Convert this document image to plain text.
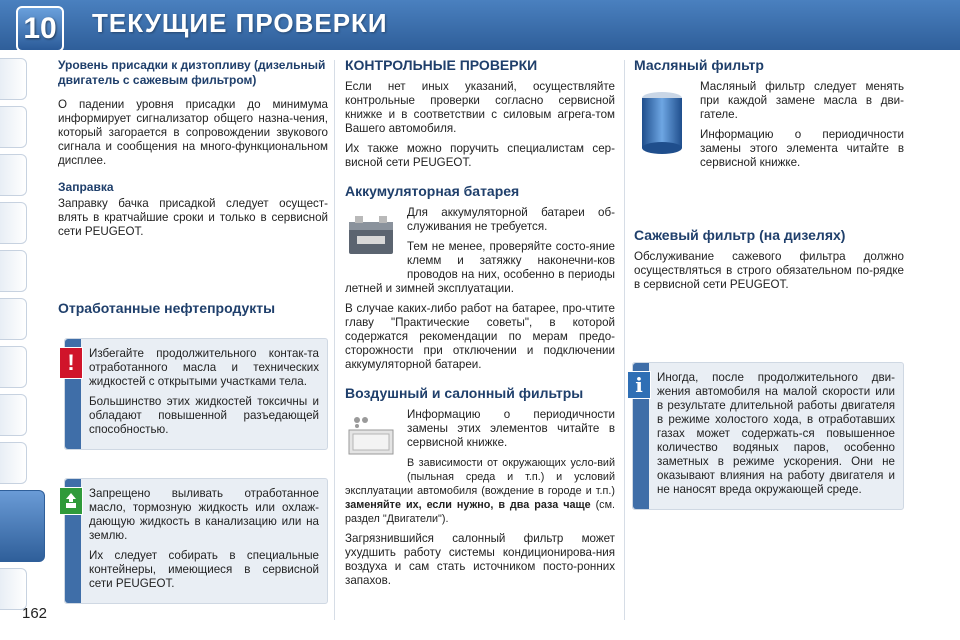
10 ТЕКУЩИЕ ПРОВЕРКИ
162
Уровень присадки к дизтопливу (дизельный двигатель с сажевым фильтром)

О падении уровня присадки до минимума информирует сигнализатор общего назна-чения, который загорается в сопровождении звукового сигнала и сообщения на много-функциональном дисплее.

Заправка

Заправку бачка присадкой следует осущест-влять в кратчайшие сроки и только в сервисной сети PEUGEOT.

Отработанные нефтепродукты
!	Избегайте продолжительного контак-та отработанного масла и технических жидкостей с открытыми участками тела.

Большинство этих жидкостей токсичны и обладают повышенной разъедающей способностью.

Запрещено выливать отработанное масло, тормозную жидкость или охлаж-дающую жидкость в канализацию или на землю.

Их следует собирать в специальные контейнеры, имеющиеся в сервисной сети PEUGEOT.

КОНТРОЛЬНЫЕ ПРОВЕРКИ

Если нет иных указаний, осуществляйте контрольные проверки согласно сервисной книжке и в соответствии с силовым агрега-том Вашего автомобиля.

Их также можно поручить специалистам сер-висной сети PEUGEOT.

Аккумуляторная батарея

Для аккумуляторной батареи об-служивания не требуется.

Тем не менее, проверяйте состо-яние клемм и затяжку наконечни-ков проводов на них, особенно в периоды летней и зимней эксплуатации.

В случае каких-либо работ на батарее, про-чтите главу "Практические советы", в которой содержатся рекомендации по мерам предо-сторожности при отключении и подключении аккумуляторной батареи.

Воздушный и салонный фильтры

Информацию о периодичности замены этих элементов читайте в сервисной книжке.

В зависимости от окружающих усло-вий (пыльная среда и т.п.) и условий эксплуатации автомобиля (вождение в городе и т.п.) заменяйте их, если нужно, в два раза чаще (см. раздел "Двигатели").

Загрязнившийся салонный фильтр может ухудшить работу системы кондиционирова-ния воздуха и сам стать источником посто-ронних запахов.

Масляный фильтр

Масляный фильтр следует менять при каждой замене масла в дви-гателе.

Информацию о периодичности замены этого элемента читайте в сервисной книжке.

Сажевый фильтр (на дизелях)

Обслуживание сажевого фильтра должно осуществляться в строго обязательном по-рядке в сервисной сети PEUGEOT.

i	Иногда, после продолжительного дви-жения автомобиля на малой скорости или в результате длительной работы двигателя в режиме холостого хода, в отработавших газах может содержать-ся повышенное количество водяных паров, особенно заметных в режиме ускорения. Они не оказывают влияния на работу двигателя и не наносят вреда окружающей среде.
